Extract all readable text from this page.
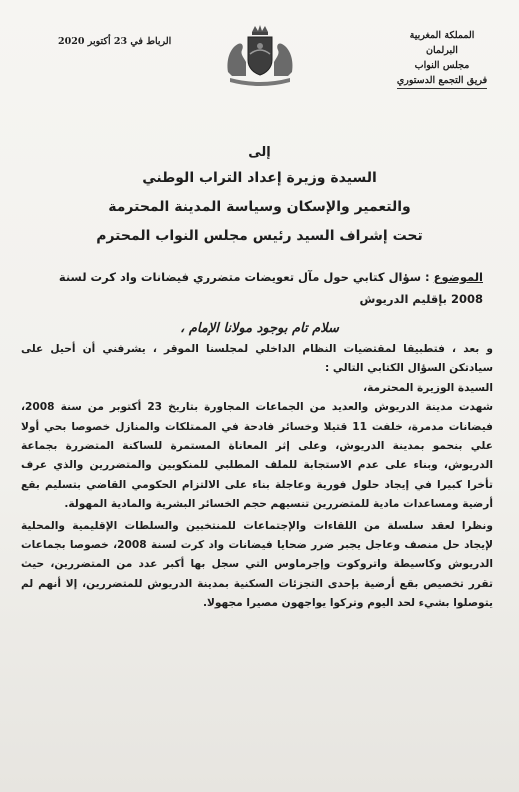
المملكة المغربية
البرلمان
مجلس النواب
فريق التجمع الدستوري
الرباط في 23 أكتوبر 2020
إلى
السيدة وزيرة إعداد التراب الوطني
والتعمير والإسكان وسياسة المدينة المحترمة
تحت إشراف السيد رئيس مجلس النواب المحترم
الموضوع : سؤال كتابي حول مآل تعويضات متضرري فيضانات واد كرت لسنة 2008 بإقليم الدريوش
سلام تام بوجود مولانا الإمام ،

و بعد ، فتطبيقا لمقتضيات النظام الداخلي لمجلسنا الموقر ، يشرفني أن أحيل على سيادتكن السؤال الكتابي التالي :

السيدة الوزيرة المحترمة،

شهدت مدينة الدريوش والعديد من الجماعات المجاورة بتاريخ 23 أكتوبر من سنة 2008، فيضانات مدمرة، خلفت 11 قتيلا وخسائر فادحة في الممتلكات والمنازل خصوصا بحي أولا علي بنحمو بمدينة الدريوش، وعلى إثر المعاناة المستمرة للساكنة المتضررة بجماعة الدريوش، وبناء على عدم الاستجابة للملف المطلبي للمنكوبين والمتضررين والذي عرف تأخرا كبيرا في إيجاد حلول فورية وعاجلة بناء على الالتزام الحكومي القاضي بتسليم بقع أرضية ومساعدات مادية للمتضررين تنسيهم حجم الخسائر البشرية والمادية المهولة.

ونظرا لعقد سلسلة من اللقاءات والإجتماعات للمنتخبين والسلطات الإقليمية والمحلية لإيجاد حل منصف وعاجل يجبر ضرر ضحايا فيضانات واد كرت لسنة 2008، خصوصا بجماعات الدريوش وكاسيطة واتروكوت وإجرماوس التي سجل بها أكبر عدد من المتضررين، حيث تقرر تخصيص بقع أرضية بإحدى التجزئات السكنية بمدينة الدريوش للمتضررين، إلا أنهم لم يتوصلوا بشيء لحد اليوم وتركوا يواجهون مصيرا مجهولا.
